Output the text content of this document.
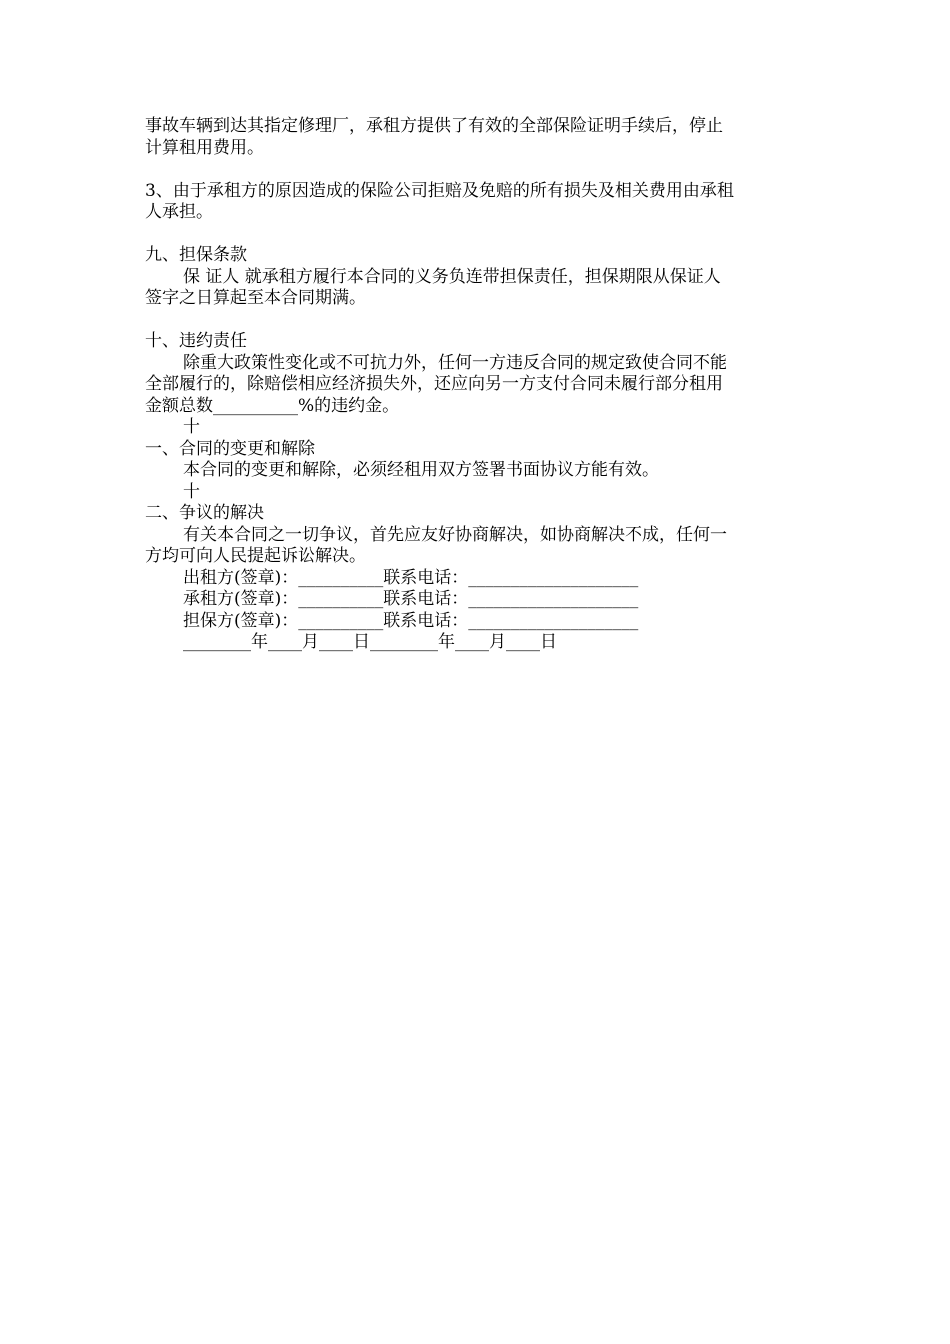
事故车辆到达其指定修理厂，承租方提供了有效的全部保险证明手续后，停止
计算租用费用。
3、由于承租方的原因造成的保险公司拒赔及免赔的所有损失及相关费用由承租
人承担。
九、担保条款
保 证人 就承租方履行本合同的义务负连带担保责任，担保期限从保证人
签字之日算起至本合同期满。
十、违约责任
除重大政策性变化或不可抗力外，任何一方违反合同的规定致使合同不能
全部履行的，除赔偿相应经济损失外，还应向另一方支付合同未履行部分租用
金额总数__________%的违约金。
十
一、合同的变更和解除
本合同的变更和解除，必须经租用双方签署书面协议方能有效。
十
二、争议的解决
有关本合同之一切争议，首先应友好协商解决，如协商解决不成，任何一
方均可向人民提起诉讼解决。
出租方(签章)：__________联系电话：____________________
承租方(签章)：__________联系电话：____________________
担保方(签章)：__________联系电话：____________________
________年____月____日________年____月____日
